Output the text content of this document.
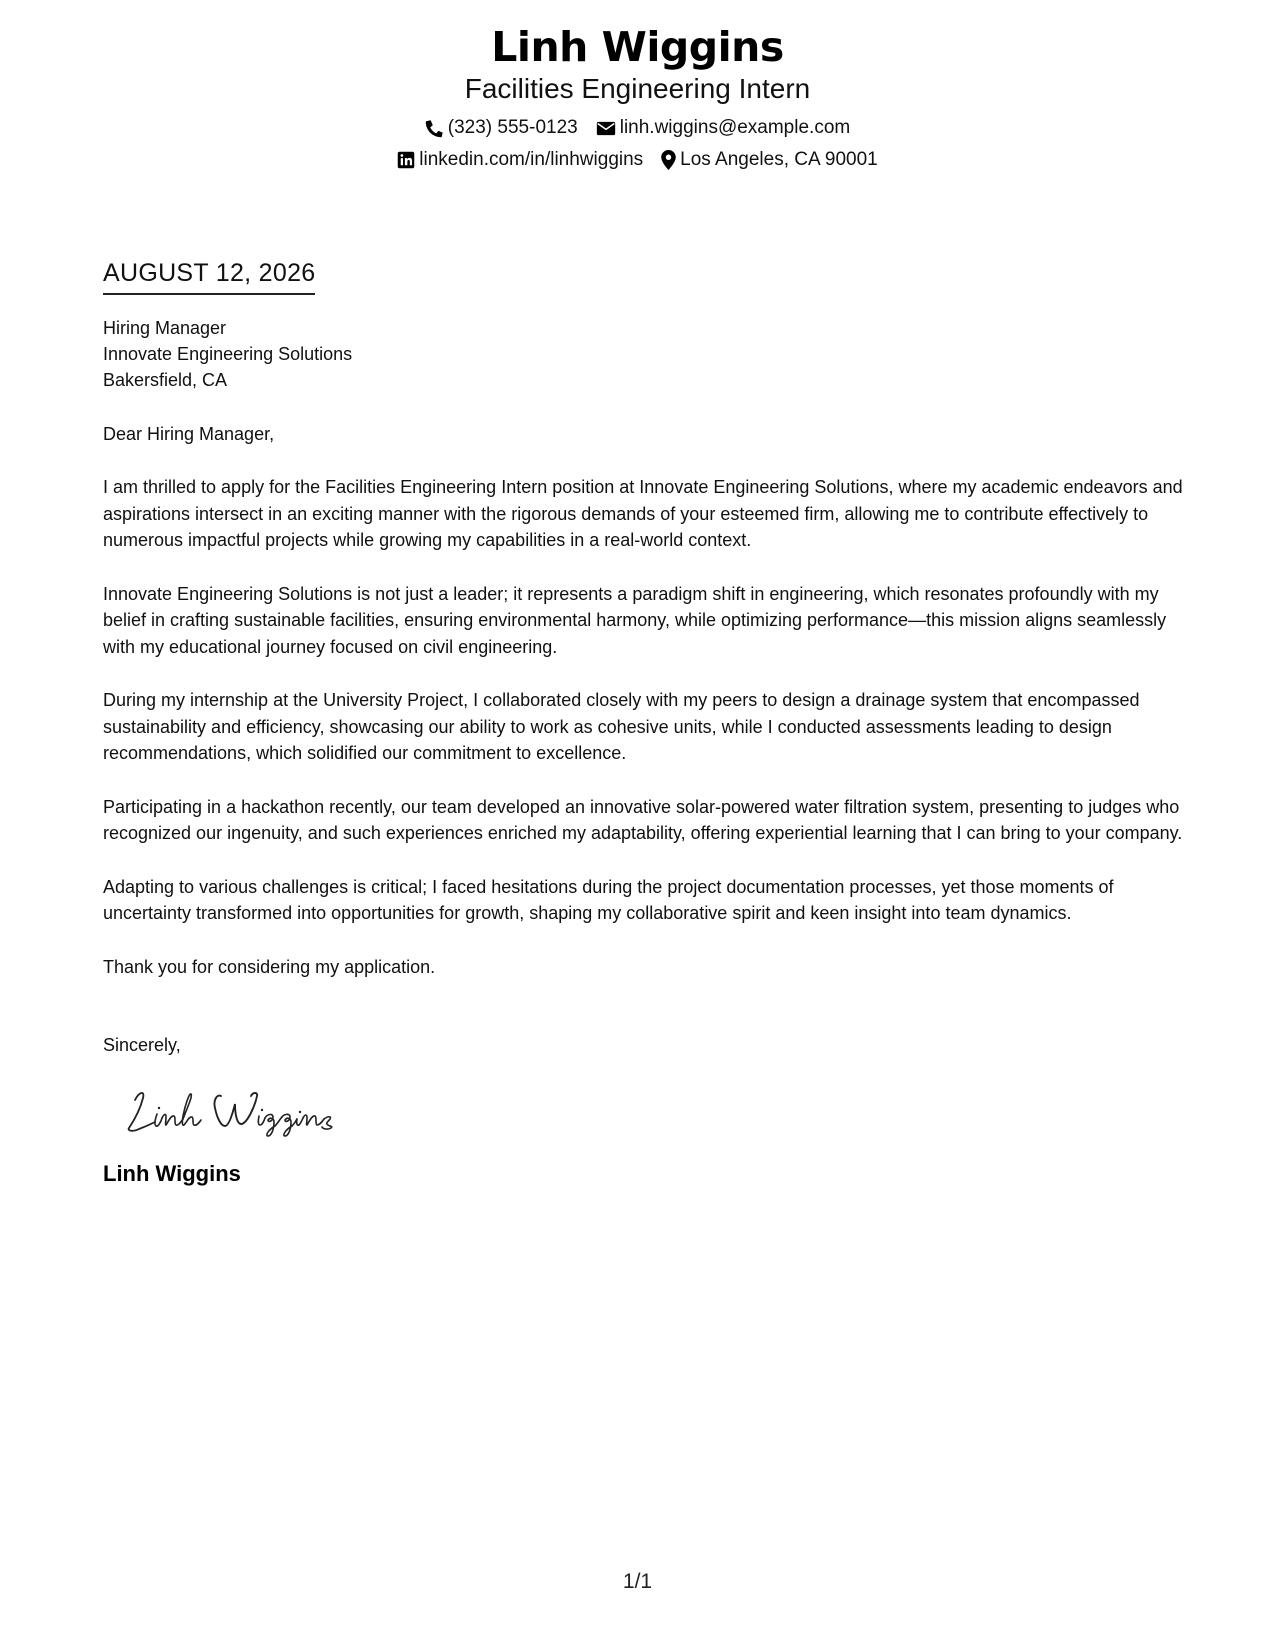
Linh Wiggins
Facilities Engineering Intern
(323) 555-0123 linh.wiggins@example.com
linkedin.com/in/linhwiggins Los Angeles, CA 90001
AUGUST 12, 2026
Hiring Manager
Innovate Engineering Solutions
Bakersfield, CA
Dear Hiring Manager,
I am thrilled to apply for the Facilities Engineering Intern position at Innovate Engineering Solutions, where my academic endeavors and aspirations intersect in an exciting manner with the rigorous demands of your esteemed firm, allowing me to contribute effectively to numerous impactful projects while growing my capabilities in a real-world context.
Innovate Engineering Solutions is not just a leader; it represents a paradigm shift in engineering, which resonates profoundly with my belief in crafting sustainable facilities, ensuring environmental harmony, while optimizing performance—this mission aligns seamlessly with my educational journey focused on civil engineering.
During my internship at the University Project, I collaborated closely with my peers to design a drainage system that encompassed sustainability and efficiency, showcasing our ability to work as cohesive units, while I conducted assessments leading to design recommendations, which solidified our commitment to excellence.
Participating in a hackathon recently, our team developed an innovative solar-powered water filtration system, presenting to judges who recognized our ingenuity, and such experiences enriched my adaptability, offering experiential learning that I can bring to your company.
Adapting to various challenges is critical; I faced hesitations during the project documentation processes, yet those moments of uncertainty transformed into opportunities for growth, shaping my collaborative spirit and keen insight into team dynamics.
Thank you for considering my application.
Sincerely,
Linh Wiggins
1/1
